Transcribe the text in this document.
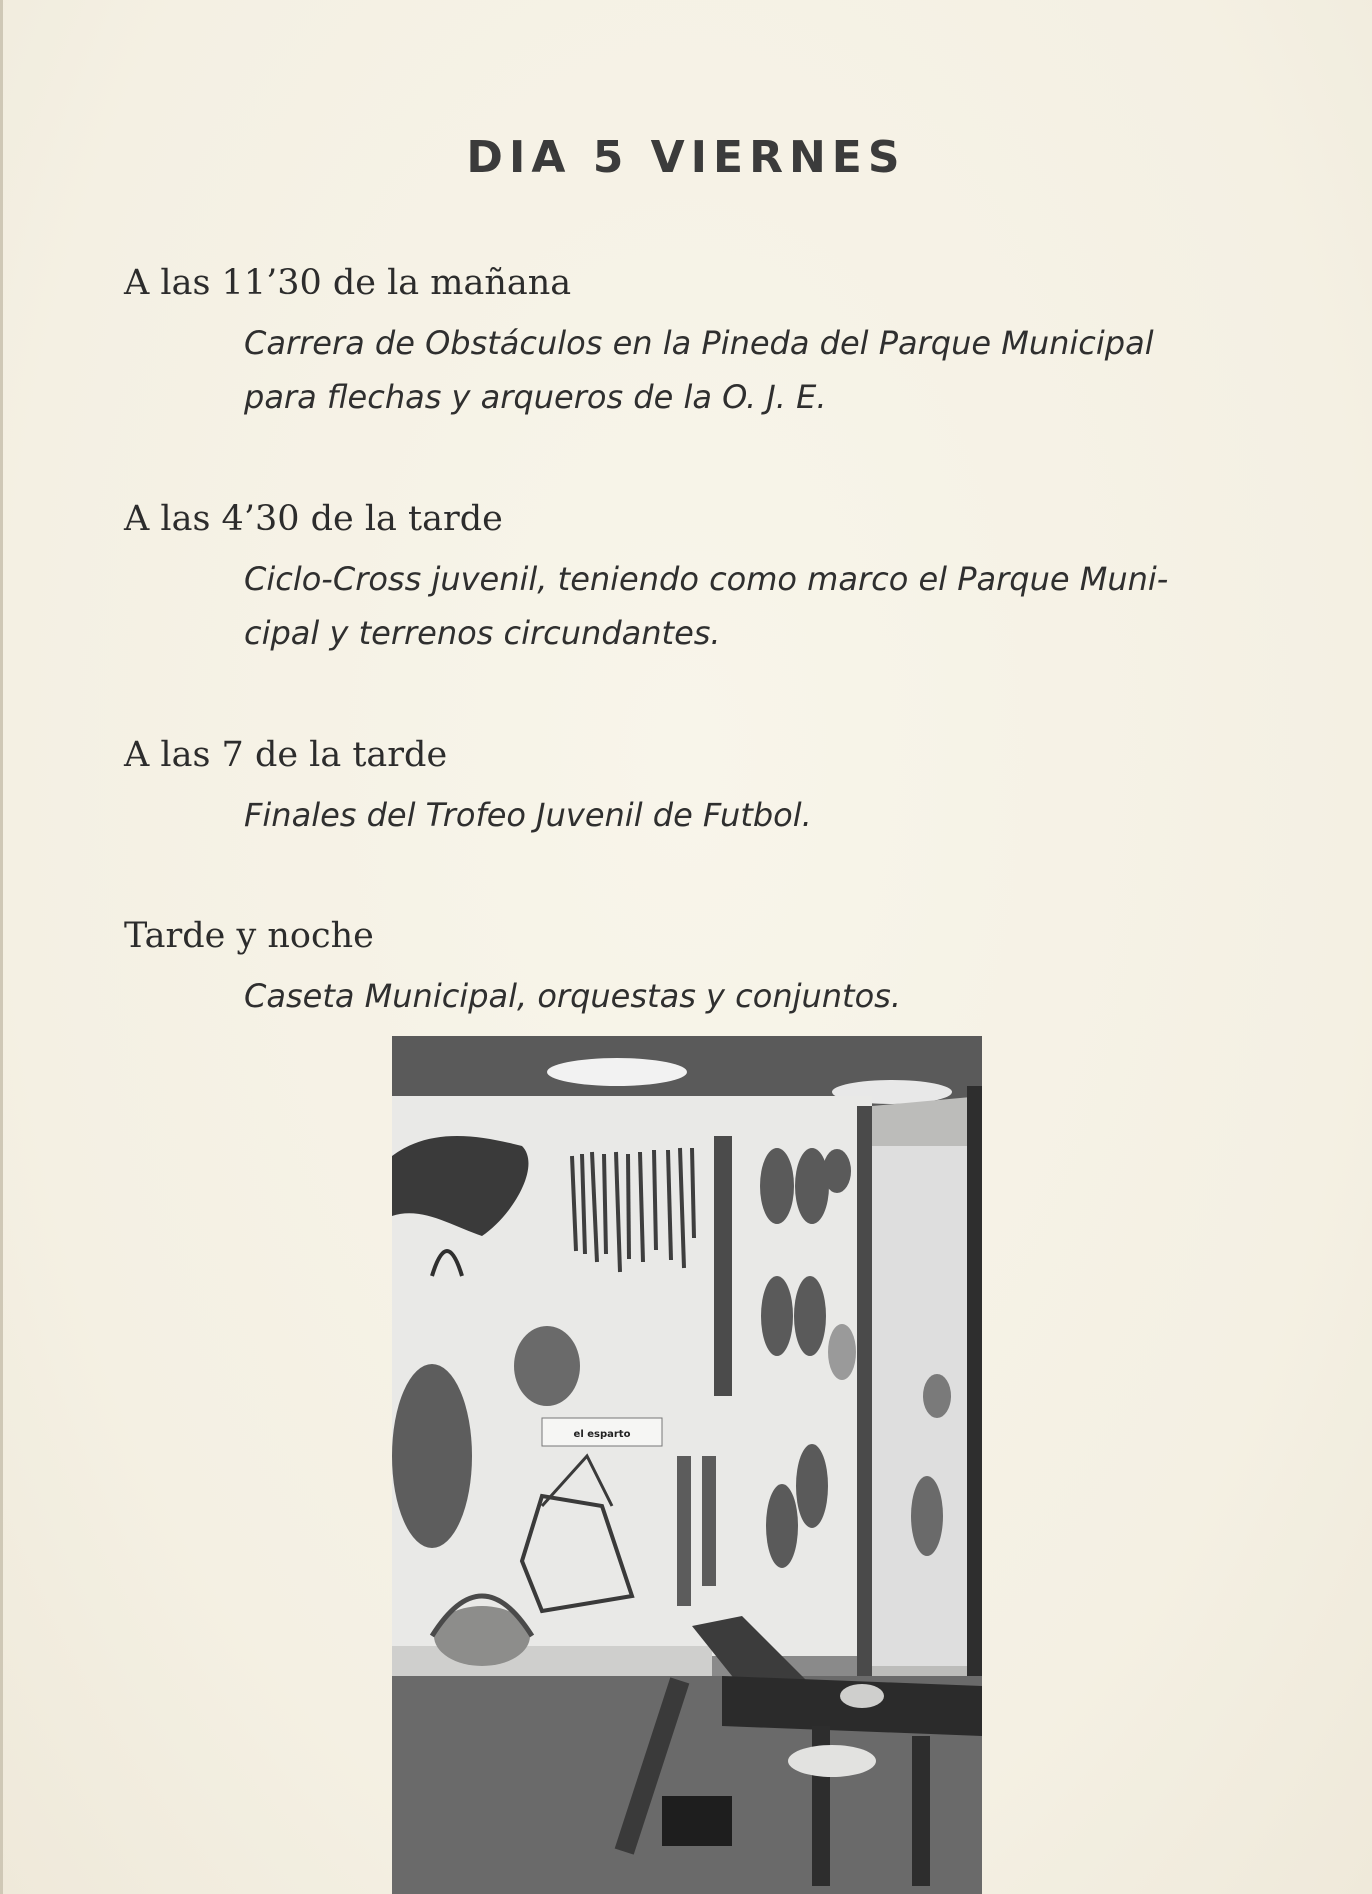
DIA 5 VIERNES
A las 11’30 de la mañana
Carrera de Obstáculos en la Pineda del Parque Municipal
para flechas y arqueros de la O. J. E.
A las 4’30 de la tarde
Ciclo-Cross juvenil, teniendo como marco el Parque Muni-
cipal y terrenos circundantes.
A las 7 de la tarde
Finales del Trofeo Juvenil de Futbol.
Tarde y noche
Caseta Municipal, orquestas y conjuntos.
el esparto
